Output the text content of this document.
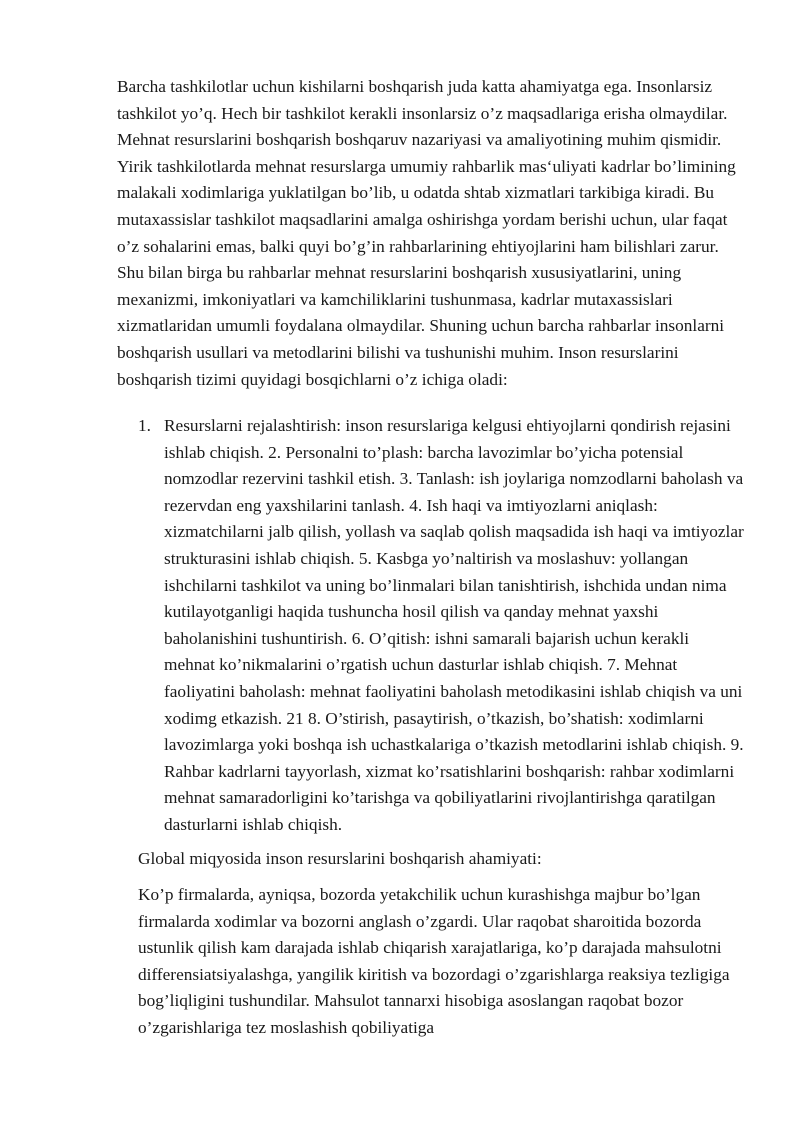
Barcha tashkilotlar uchun kishilarni boshqarish juda katta ahamiyatga ega. Insonlarsiz tashkilot yo’q. Hech bir tashkilot kerakli insonlarsiz o’z maqsadlariga erisha olmaydilar. Mehnat resurslarini boshqarish boshqaruv nazariyasi va amaliyotining muhim qismidir. Yirik tashkilotlarda mehnat resurslarga umumiy rahbarlik mas‘uliyati kadrlar bo’limining malakali xodimlariga yuklatilgan bo’lib, u odatda shtab xizmatlari tarkibiga kiradi. Bu mutaxassislar tashkilot maqsadlarini amalga oshirishga yordam berishi uchun, ular faqat o’z sohalarini emas, balki quyi bo’g’in rahbarlarining ehtiyojlarini ham bilishlari zarur. Shu bilan birga bu rahbarlar mehnat resurslarini boshqarish xususiyatlarini, uning mexanizmi, imkoniyatlari va kamchiliklarini tushunmasa, kadrlar mutaxassislari xizmatlaridan umumli foydalana olmaydilar. Shuning uchun barcha rahbarlar insonlarni boshqarish usullari va metodlarini bilishi va tushunishi muhim. Inson resurslarini boshqarish tizimi quyidagi bosqichlarni o’z ichiga oladi:

1. Resurslarni rejalashtirish: inson resurslariga kelgusi ehtiyojlarni qondirish rejasini ishlab chiqish. 2. Personalni to’plash: barcha lavozimlar bo’yicha potensial nomzodlar rezervini tashkil etish. 3. Tanlash: ish joylariga nomzodlarni baholash va rezervdan eng yaxshilarini tanlash. 4. Ish haqi va imtiyozlarni aniqlash: xizmatchilarni jalb qilish, yollash va saqlab qolish maqsadida ish haqi va imtiyozlar strukturasini ishlab chiqish. 5. Kasbga yo’naltirish va moslashuv: yollangan ishchilarni tashkilot va uning bo’linmalari bilan tanishtirish, ishchida undan nima kutilayotganligi haqida tushuncha hosil qilish va qanday mehnat yaxshi baholanishini tushuntirish. 6. O’qitish: ishni samarali bajarish uchun kerakli mehnat ko’nikmalarini o’rgatish uchun dasturlar ishlab chiqish. 7. Mehnat faoliyatini baholash: mehnat faoliyatini baholash metodikasini ishlab chiqish va uni xodimg etkazish. 21 8. O’stirish, pasaytirish, o’tkazish, bo’shatish: xodimlarni lavozimlarga yoki boshqa ish uchastkalariga o’tkazish metodlarini ishlab chiqish. 9. Rahbar kadrlarni tayyorlash, xizmat ko’rsatishlarini boshqarish: rahbar xodimlarni mehnat samaradorligini ko’tarishga va qobiliyatlarini rivojlantirishga qaratilgan dasturlarni ishlab chiqish.

Global miqyosida inson resurslarini boshqarish ahamiyati:

Ko’p firmalarda, ayniqsa, bozorda yetakchilik uchun kurashishga majbur bo’lgan firmalarda xodimlar va bozorni anglash o’zgardi. Ular raqobat sharoitida bozorda ustunlik qilish kam darajada ishlab chiqarish xarajatlariga, ko’p darajada mahsulotni differensiatsiyalashga, yangilik kiritish va bozordagi o’zgarishlarga reaksiya tezligiga bog’liqligini tushundilar. Mahsulot tannarxi hisobiga asoslangan raqobat bozor o’zgarishlariga tez moslashish qobiliyatiga
